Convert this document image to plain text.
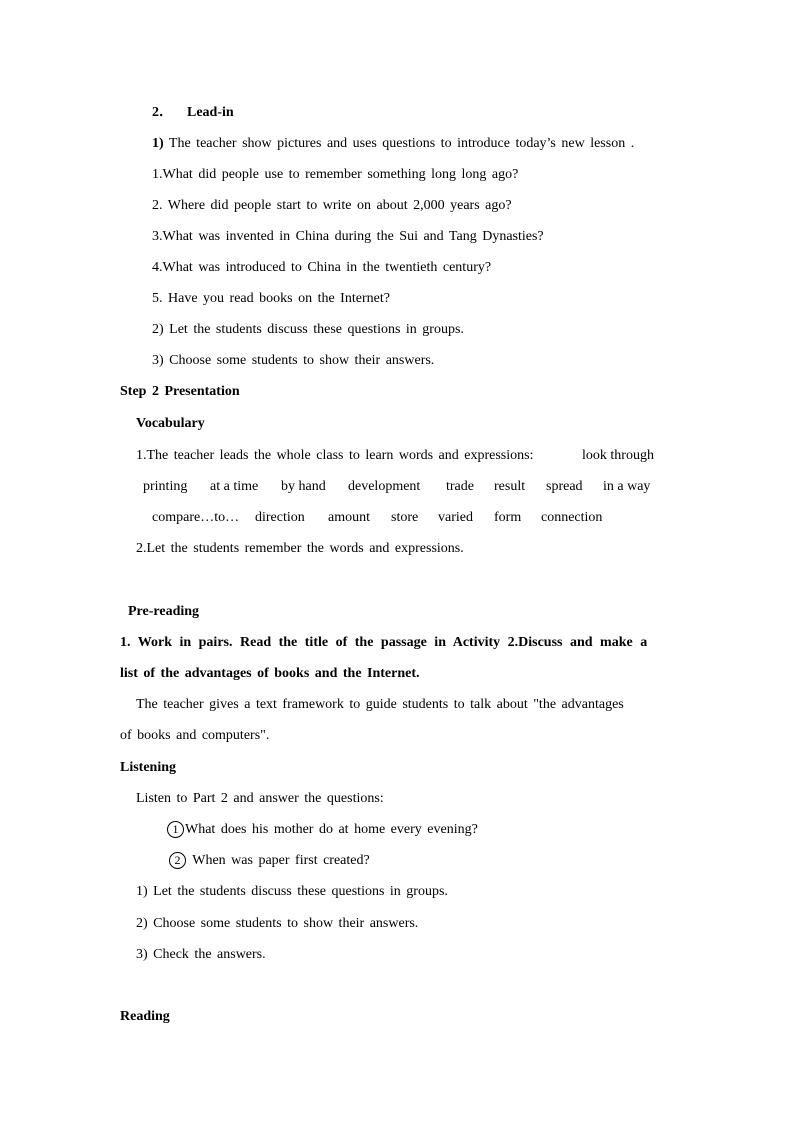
2． Lead-in
1) The teacher show pictures and uses questions to introduce today’s new lesson .
1.What did people use to remember something long long ago?
2. Where did people start to write on about 2,000 years ago?
3.What was invented in China during the Sui and Tang Dynasties?
4.What was introduced to China in the twentieth century?
5. Have you read books on the Internet?
2) Let the students discuss these questions in groups.
3) Choose some students to show their answers.
Step 2 Presentation
Vocabulary
1.The teacher leads the whole class to learn words and expressions:	look through
printing at a time by hand development trade result spread in a way
compare…to… direction amount store varied form connection
2.Let the students remember the words and expressions.
Pre-reading
1. Work in pairs. Read the title of the passage in Activity 2.Discuss and make a
list of the advantages of books and the Internet.
The teacher gives a text framework to guide students to talk about "the advantages
of books and computers".
Listening
Listen to Part 2 and answer the questions:
1 What does his mother do at home every evening?
2 When was paper first created?
1) Let the students discuss these questions in groups.
2) Choose some students to show their answers.
3) Check the answers.
Reading
